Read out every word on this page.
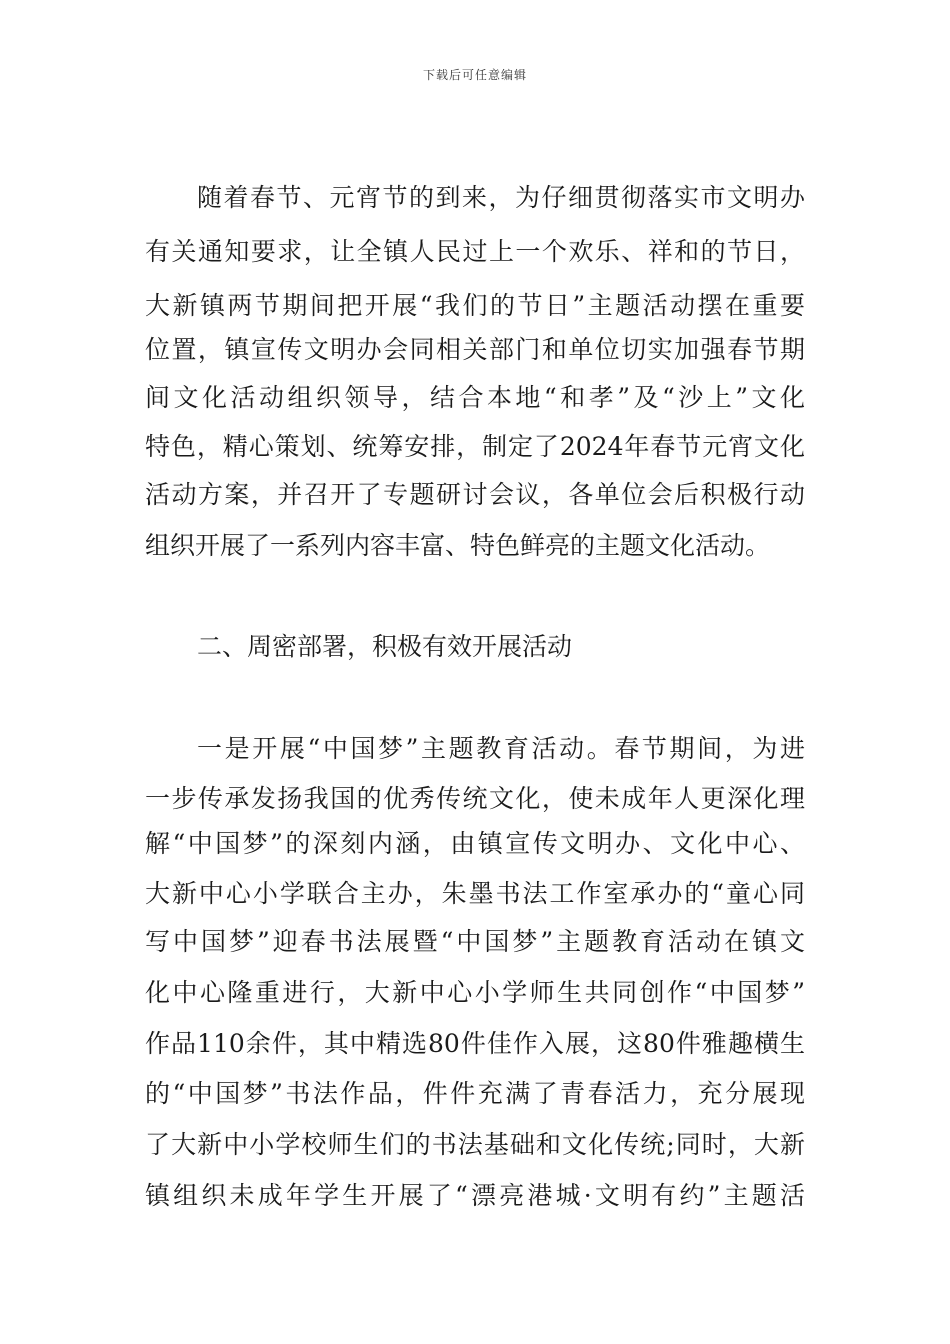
下载后可任意编辑
随着春节、元宵节的到来，为仔细贯彻落实市文明办
有关通知要求，让全镇人民过上一个欢乐、祥和的节日，
大新镇两节期间把开展“我们的节日”主题活动摆在重要
位置，镇宣传文明办会同相关部门和单位切实加强春节期
间文化活动组织领导，结合本地“和孝”及“沙上”文化
特色，精心策划、统筹安排，制定了2024年春节元宵文化
活动方案，并召开了专题研讨会议，各单位会后积极行动
组织开展了一系列内容丰富、特色鲜亮的主题文化活动。
二、周密部署，积极有效开展活动
一是开展“中国梦”主题教育活动。春节期间，为进
一步传承发扬我国的优秀传统文化，使未成年人更深化理
解“中国梦”的深刻内涵，由镇宣传文明办、文化中心、
大新中心小学联合主办，朱墨书法工作室承办的“童心同
写中国梦”迎春书法展暨“中国梦”主题教育活动在镇文
化中心隆重进行，大新中心小学师生共同创作“中国梦”
作品110余件，其中精选80件佳作入展，这80件雅趣横生
的“中国梦”书法作品，件件充满了青春活力，充分展现
了大新中小学校师生们的书法基础和文化传统;同时，大新
镇组织未成年学生开展了“漂亮港城·文明有约”主题活
